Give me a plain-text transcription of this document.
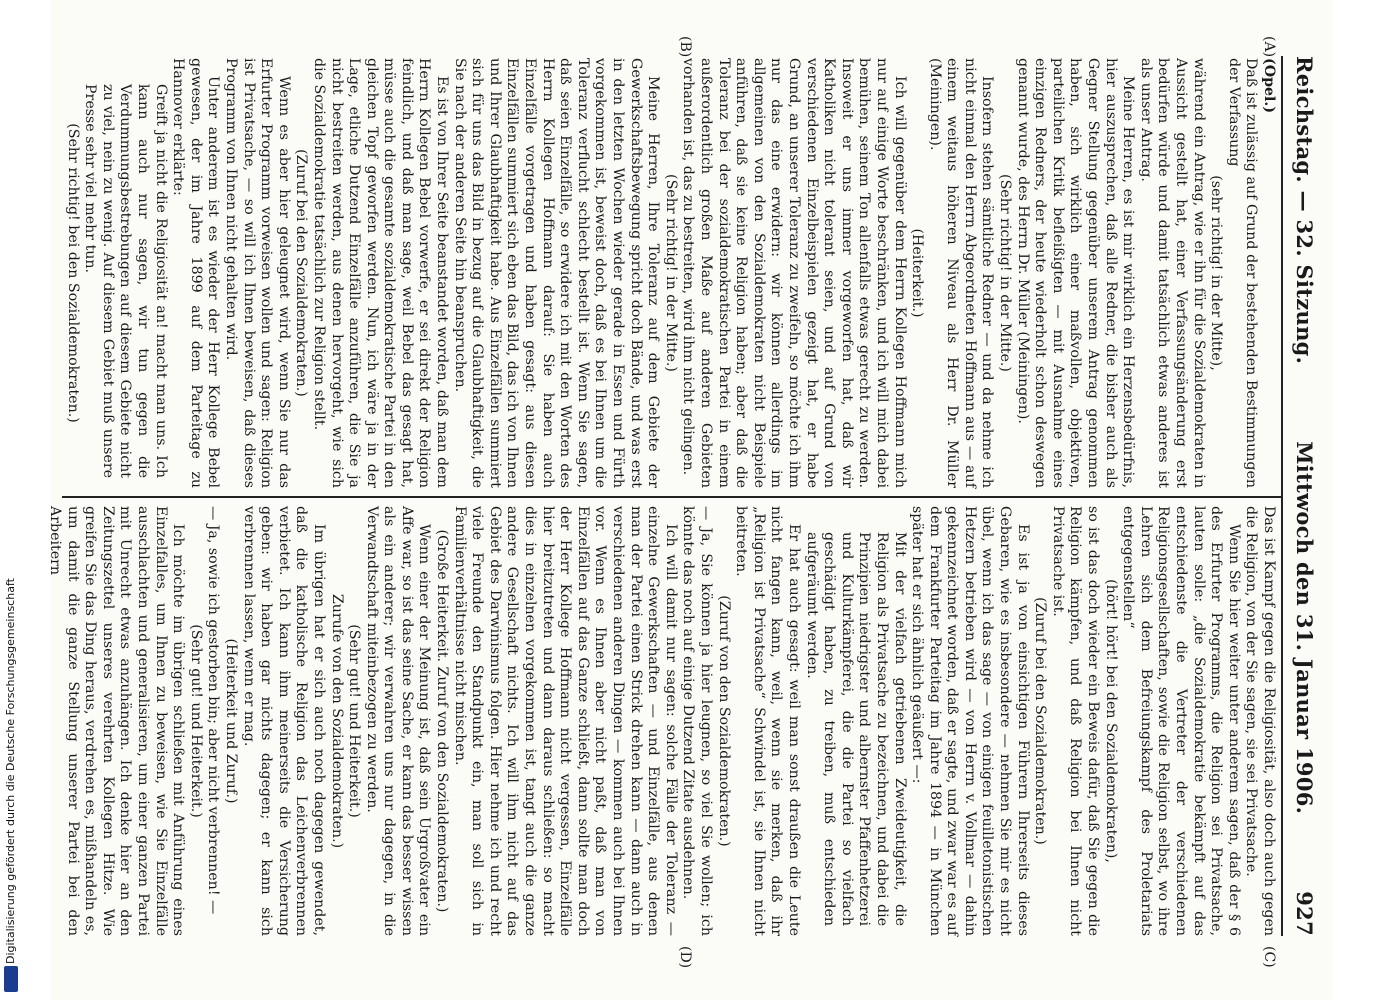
Reichstag. — 32. Sitzung.
Mittwoch den 31. Januar 1906.
927
(A)
(B)
(C)
(D)

(Opel.)

Daß ist zulässig auf Grund der bestehenden Bestimmungen der Verfassung

(sehr richtig! in der Mitte),

während ein Antrag, wie er ihn für die Sozialdemokraten in Aussicht gestellt hat, einer Verfassungsänderung erst bedürfen würde und damit tatsächlich etwas anderes ist als unser Antrag.

Meine Herren, es ist mir wirklich ein Herzensbedürfnis, hier auszusprechen, daß alle Redner, die bisher auch als Gegner Stellung gegenüber unserem Antrag genommen haben, sich wirklich einer maßvollen, objektiven, parteilichen Kritik befleißigten — mit Ausnahme eines einzigen Redners, der heute wiederholt schon deswegen genannt wurde, des Herrn Dr. Müller (Meiningen).

(Sehr richtig! in der Mitte.)

Insofern stehen sämtliche Redner — und da nehme ich nicht einmal den Herrn Abgeordneten Hoffmann aus — auf einem weitaus höheren Niveau als Herr Dr. Müller (Meiningen).

(Heiterkeit.)

Ich will gegenüber dem Herrn Kollegen Hoffmann mich nur auf einige Worte beschränken, und ich will mich dabei bemühen, seinem Ton allenfalls etwas gerecht zu werden. Insoweit er uns immer vorgeworfen hat, daß wir Katholiken nicht tolerant seien, und auf Grund von verschiedenen Einzelbeispielen gezeigt hat, er habe Grund, an unserer Toleranz zu zweifeln, so möchte ich ihm nur das eine erwidern: wir können allerdings im allgemeinen von den Sozialdemokraten nicht Beispiele anführen, daß sie keine Religion haben; aber daß die Toleranz bei der sozialdemokratischen Partei in einem außerordentlich großen Maße auf anderen Gebieten vorhanden ist, das zu bestreiten, wird ihm nicht gelingen.

(Sehr richtig! in der Mitte.)

Meine Herren, Ihre Toleranz auf dem Gebiete der Gewerkschaftsbewegung spricht doch Bände, und was erst in den letzten Wochen wieder gerade in Essen und Fürth vorgekommen ist, beweist doch, daß es bei Ihnen um die Toleranz verflucht schlecht bestellt ist. Wenn Sie sagen, daß seien Einzelfälle, so erwidere ich mit den Worten des Herrn Kollegen Hoffmann darauf: Sie haben auch Einzelfälle vorgetragen und haben gesagt: aus diesen Einzelfällen summiert sich eben das Bild, das ich von Ihnen und Ihrer Glaubhaftigkeit habe. Aus Einzelfällen summiert sich für uns das Bild in bezug auf die Glaubhaftigkeit, die Sie nach der anderen Seite hin beanspruchen.

Es ist von Ihrer Seite beanstandet worden, daß man dem Herrn Kollegen Bebel vorwerfe, er sei direkt der Religion feindlich, und daß man sage, weil Bebel das gesagt hat, müsse auch die gesamte sozialdemokratische Partei in den gleichen Topf geworfen werden. Nun, ich wäre ja in der Lage, etliche Dutzend Einzelfälle anzuführen, die Sie ja nicht bestreiten werden, aus denen hervorgeht, wie sich die Sozialdemokratie tatsächlich zur Religion stellt.

(Zuruf bei den Sozialdemokraten.)

Wenn es aber hier geleugnet wird, wenn Sie nur das Erfurter Programm vorweisen wollen und sagen: Religion ist Privatsache, — so will ich Ihnen beweisen, daß dieses Programm von Ihnen nicht gehalten wird.

Unter anderem ist es wieder der Herr Kollege Bebel gewesen, der im Jahre 1899 auf dem Parteitage zu Hannover erklärte:

Greift ja nicht die Religiosität an! macht man uns. Ich kann auch nur sagen, wir tun gegen die Verdummungsbestrebungen auf diesem Gebiete nicht zu viel, nein zu wenig. Auf diesem Gebiet muß unsere Presse sehr viel mehr tun.

(Sehr richtig! bei den Sozialdemokraten.)

Das ist Kampf gegen die Religiosität, also doch auch gegen die Religion, von der Sie sagen, sie sei Privatsache.

Wenn Sie hier weiter unter anderem sagen, daß der § 6 des Erfurter Programms, die Religion sei Privatsache, lauten solle: „die Sozialdemokratie bekämpft auf das entschiedenste die Vertreter der verschiedenen Religionsgesellschaften, sowie die Religion selbst, wo ihre Lehren sich dem Befreiungskampf des Proletariats entgegenstellen“

(hört! hört! bei den Sozialdemokraten),

so ist das doch wieder ein Beweis dafür, daß Sie gegen die Religion kämpfen, und daß Religion bei Ihnen nicht Privatsache ist.

(Zuruf bei den Sozialdemokraten.)

Es ist ja von einsichtigen Führern Ihrerseits dieses Gebaren, wie es insbesondere — nehmen Sie mir es nicht übel, wenn ich das sage — von einigen feuilletonistischen Hetzern betrieben wird — von Herrn v. Vollmar — dahin gekennzeichnet worden, daß er sagte, und zwar war es auf dem Frankfurter Parteitag im Jahre 1894 — in München später hat er sich ähnlich geäußert —:

Mit der vielfach getriebenen Zweideutigkeit, die Religion als Privatsache zu bezeichnen, und dabei die Prinzipien niedrigster und albernster Pfaffenhetzerei und Kulturkämpferei, die die Partei so vielfach geschädigt haben, zu treiben, muß entschieden aufgeräumt werden.

Er hat auch gesagt: weil man sonst draußen die Leute nicht fangen kann, weil, wenn sie merken, daß ihr „Religion ist Privatsache“ Schwindel ist, sie Ihnen nicht beitreten.

(Zuruf von den Sozialdemokraten.)

— Ja, Sie können ja hier leugnen, so viel Sie wollen; ich könnte das noch auf einige Dutzend Zitate ausdehnen.

Ich will damit nur sagen: solche Fälle der Toleranz — einzelne Gewerkschaften — und Einzelfälle, aus denen man der Partei einen Strick drehen kann — dann auch in verschiedenen anderen Dingen — kommen auch bei Ihnen vor. Wenn es Ihnen aber nicht paßt, daß man von Einzelfällen auf das Ganze schließt, dann sollte man doch der Herr Kollege Hoffmann nicht vergessen, Einzelfälle hier breitzutreten und dann daraus schließen: so macht dies in einzelnen vorgekommen ist, tangt auch die ganze andere Gesellschaft nichts. Ich will ihm nicht auf das Gebiet des Darwinismus folgen. Hier nehme ich und recht viele Freunde den Standpunkt ein, man soll sich in Familienverhältnisse nicht mischen.

(Große Heiterkeit. Zuruf von den Sozialdemokraten.)

Wenn einer der Meinung ist, daß sein Urgroßvater ein Affe war, so ist das seine Sache, er kann das besser wissen als ein anderer; wir verwahren uns nur dagegen, in die Verwandtschaft miteinbezogen zu werden.

(Sehr gut! und Heiterkeit.)

Zurufe von den Sozialdemokraten.)

Im übrigen hat er sich auch noch dagegen gewendet, daß die katholische Religion das Leichenverbrennen verbietet. Ich kann ihm meinerseits die Versicherung geben: wir haben gar nichts dagegen; er kann sich verbrennen lassen, wenn er mag.

(Heiterkeit und Zuruf.)

— Ja, sowie ich gestorben bin; aber nicht verbrennen! —

(Sehr gut! und Heiterkeit.)

Ich möchte im übrigen schließen mit Anführung eines Einzelfalles, um Ihnen zu beweisen, wie Sie Einzelfälle ausschlachten und generalisieren, um einer ganzen Partei mit Unrecht etwas anzuhängen. Ich denke hier an den Zeitungszettel unseres verehrten Kollegen Hitze. Wie greifen Sie das Ding heraus, verdrehen es, mißhandeln es, um damit die ganze Stellung unserer Partei bei den Arbeitern

Digitalisierung gefördert durch die Deutsche Forschungsgemeinschaft
